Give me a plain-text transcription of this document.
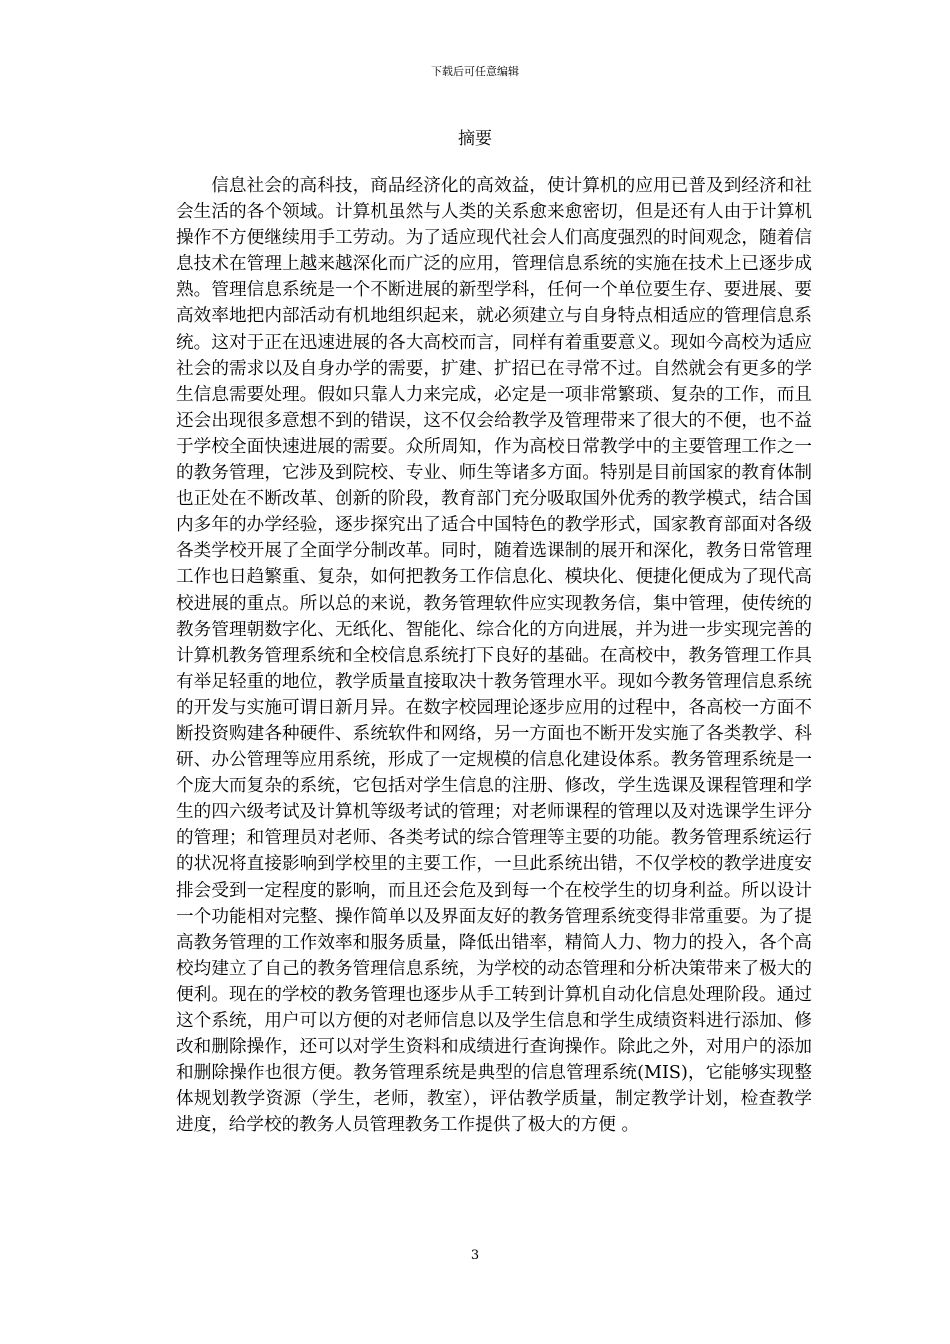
下载后可任意编辑
摘要

信息社会的高科技，商品经济化的高效益，使计算机的应用已普及到经济和社会生活的各个领域。计算机虽然与人类的关系愈来愈密切，但是还有人由于计算机操作不方便继续用手工劳动。为了适应现代社会人们高度强烈的时间观念，随着信息技术在管理上越来越深化而广泛的应用，管理信息系统的实施在技术上已逐步成熟。管理信息系统是一个不断进展的新型学科，任何一个单位要生存、要进展、要高效率地把内部活动有机地组织起来，就必须建立与自身特点相适应的管理信息系统。这对于正在迅速进展的各大高校而言，同样有着重要意义。现如今高校为适应社会的需求以及自身办学的需要，扩建、扩招已在寻常不过。自然就会有更多的学生信息需要处理。假如只靠人力来完成，必定是一项非常繁琐、复杂的工作，而且还会出现很多意想不到的错误，这不仅会给教学及管理带来了很大的不便，也不益于学校全面快速进展的需要。众所周知，作为高校日常教学中的主要管理工作之一的教务管理，它涉及到院校、专业、师生等诸多方面。特别是目前国家的教育体制也正处在不断改革、创新的阶段，教育部门充分吸取国外优秀的教学模式，结合国内多年的办学经验，逐步探究出了适合中国特色的教学形式，国家教育部面对各级各类学校开展了全面学分制改革。同时，随着选课制的展开和深化，教务日常管理工作也日趋繁重、复杂，如何把教务工作信息化、模块化、便捷化便成为了现代高校进展的重点。所以总的来说，教务管理软件应实现教务信，集中管理，使传统的教务管理朝数字化、无纸化、智能化、综合化的方向进展，并为进一步实现完善的计算机教务管理系统和全校信息系统打下良好的基础。在高校中，教务管理工作具有举足轻重的地位，教学质量直接取决十教务管理水平。现如今教务管理信息系统的开发与实施可谓日新月异。在数字校园理论逐步应用的过程中，各高校一方面不断投资购建各种硬件、系统软件和网络，另一方面也不断开发实施了各类教学、科研、办公管理等应用系统，形成了一定规模的信息化建设体系。教务管理系统是一个庞大而复杂的系统，它包括对学生信息的注册、修改，学生选课及课程管理和学生的四六级考试及计算机等级考试的管理；对老师课程的管理以及对选课学生评分的管理；和管理员对老师、各类考试的综合管理等主要的功能。教务管理系统运行的状况将直接影响到学校里的主要工作，一旦此系统出错，不仅学校的教学进度安排会受到一定程度的影响，而且还会危及到每一个在校学生的切身利益。所以设计一个功能相对完整、操作简单以及界面友好的教务管理系统变得非常重要。为了提高教务管理的工作效率和服务质量，降低出错率，精简人力、物力的投入，各个高校均建立了自己的教务管理信息系统，为学校的动态管理和分析决策带来了极大的便利。现在的学校的教务管理也逐步从手工转到计算机自动化信息处理阶段。通过这个系统，用户可以方便的对老师信息以及学生信息和学生成绩资料进行添加、修改和删除操作，还可以对学生资料和成绩进行查询操作。除此之外，对用户的添加和删除操作也很方便。教务管理系统是典型的信息管理系统(MIS)，它能够实现整体规划教学资源（学生，老师，教室），评估教学质量，制定教学计划，检查教学进度，给学校的教务人员管理教务工作提供了极大的方便 。

3
